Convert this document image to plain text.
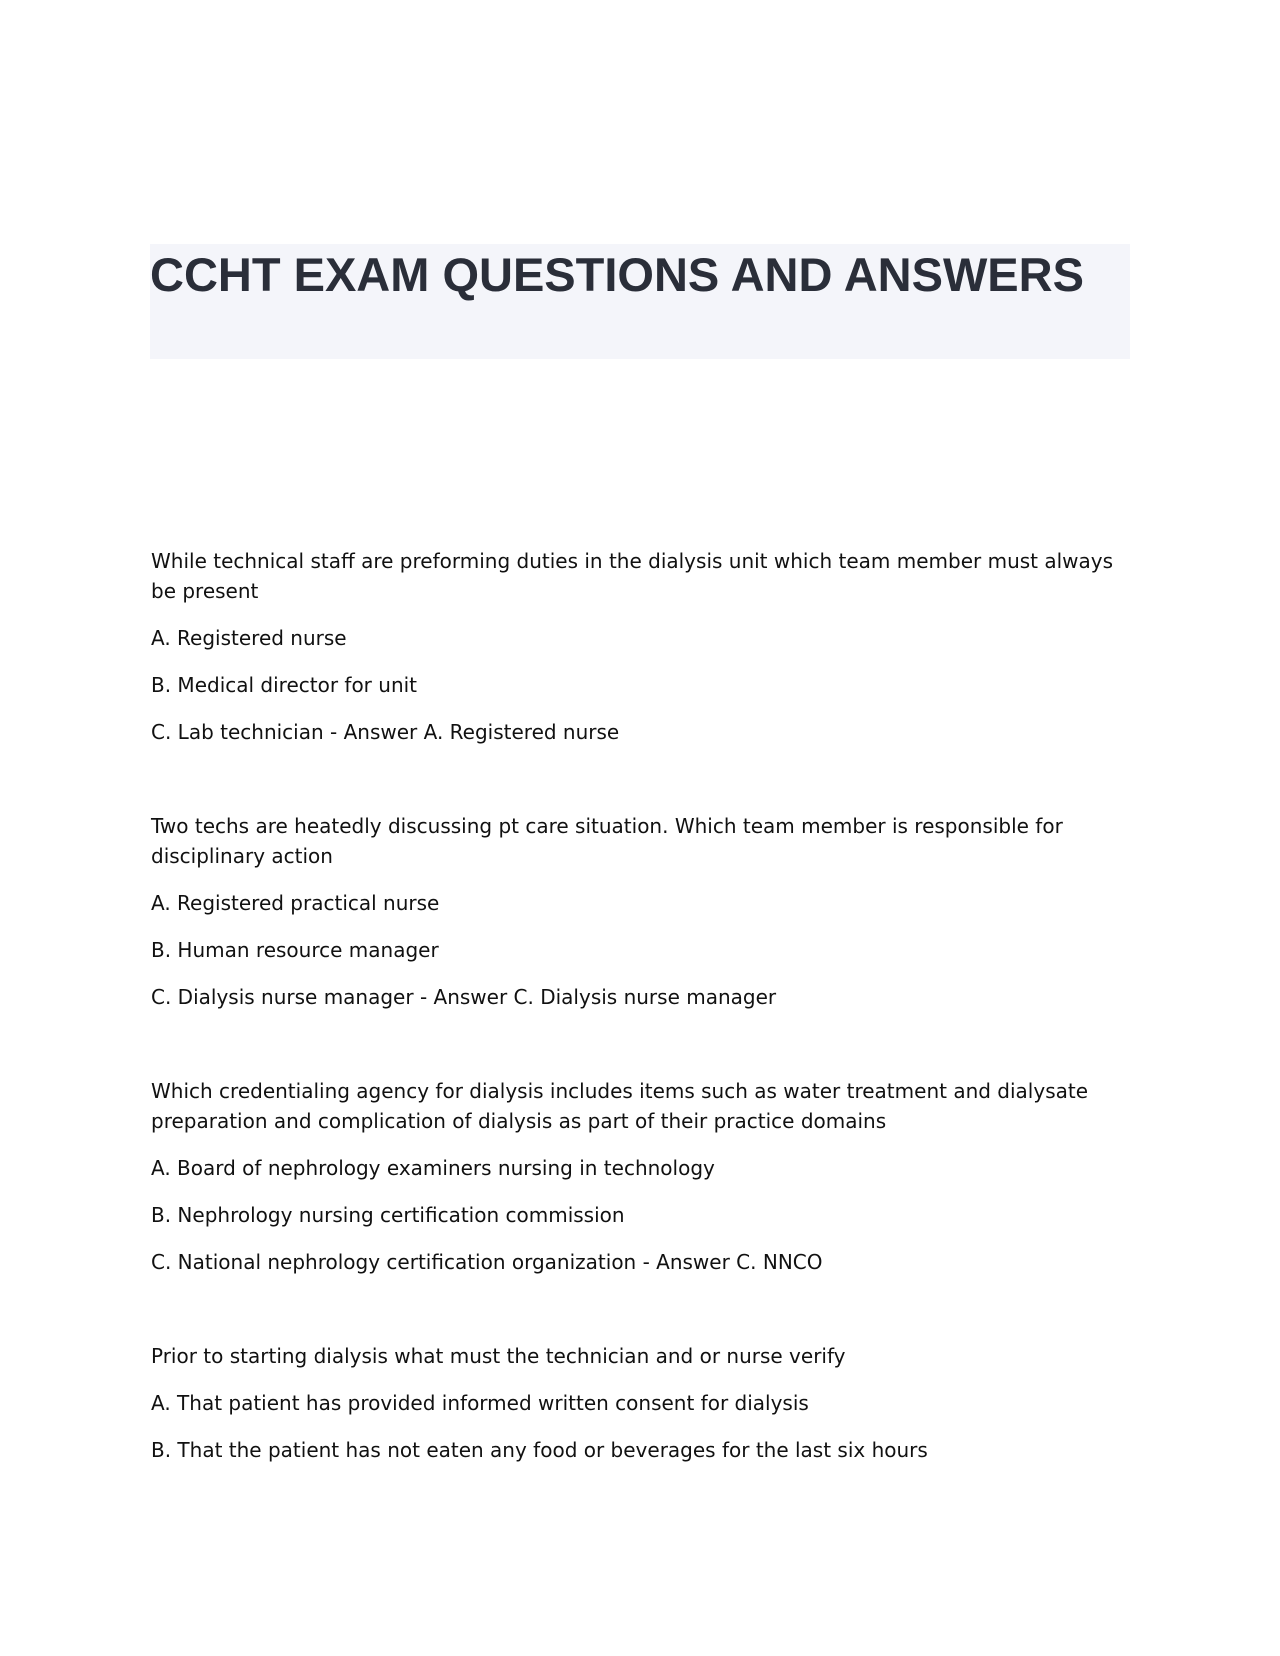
CCHT EXAM QUESTIONS AND ANSWERS

While technical staff are preforming duties in the dialysis unit which team member must always be present

A. Registered nurse

B. Medical director for unit

C. Lab technician - Answer A. Registered nurse

Two techs are heatedly discussing pt care situation. Which team member is responsible for disciplinary action

A. Registered practical nurse

B. Human resource manager

C. Dialysis nurse manager - Answer C. Dialysis nurse manager

Which credentialing agency for dialysis includes items such as water treatment and dialysate preparation and complication of dialysis as part of their practice domains

A. Board of nephrology examiners nursing in technology

B. Nephrology nursing certification commission

C. National nephrology certification organization - Answer C. NNCO

Prior to starting dialysis what must the technician and or nurse verify

A. That patient has provided informed written consent for dialysis

B. That the patient has not eaten any food or beverages for the last six hours
